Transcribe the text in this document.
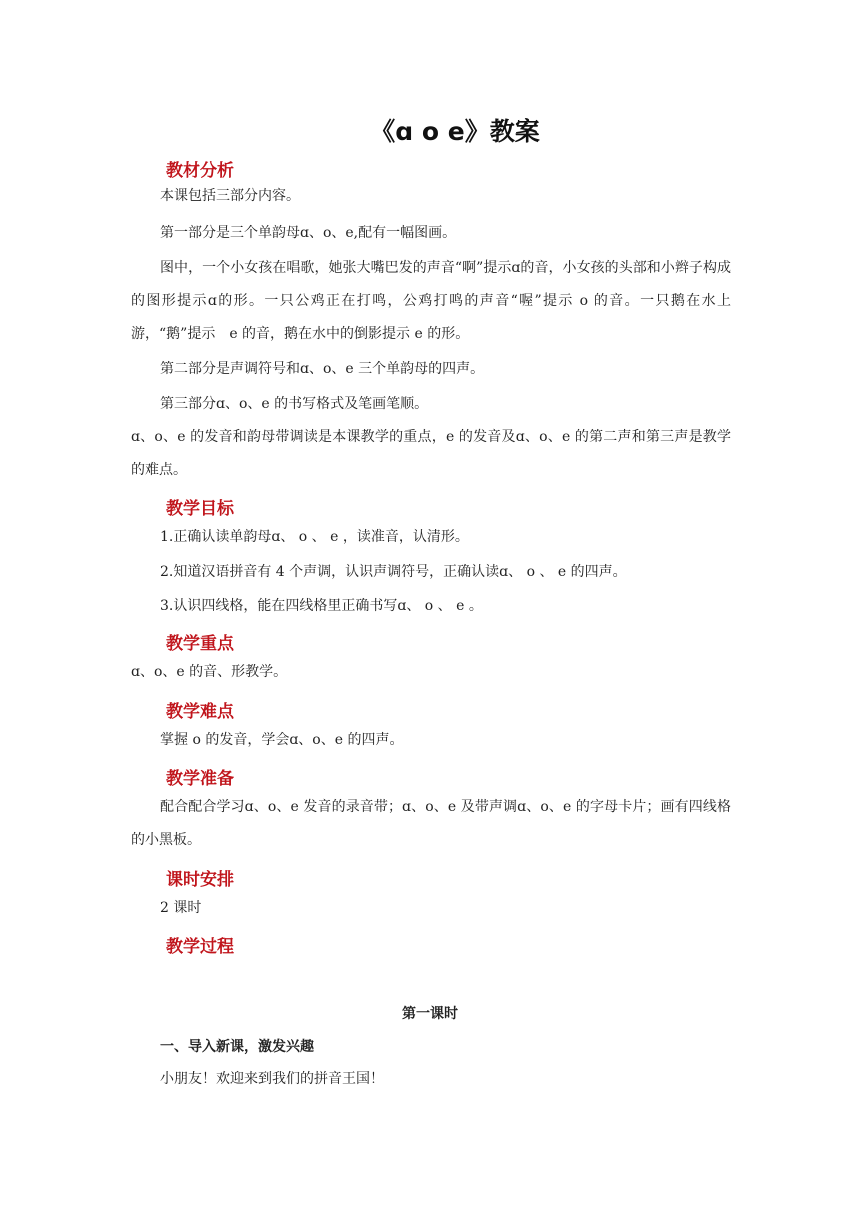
《ɑ o e》教案
教材分析
本课包括三部分内容。
第一部分是三个单韵母ɑ、o、e,配有一幅图画。
图中，一个小女孩在唱歌，她张大嘴巴发的声音“啊”提示ɑ的音，小女孩的头部和小辫子构成的图形提示ɑ的形。一只公鸡正在打鸣，公鸡打鸣的声音“喔”提示 o 的音。一只鹅在水上游，“鹅”提示　e 的音，鹅在水中的倒影提示 e 的形。
第二部分是声调符号和ɑ、o、e 三个单韵母的四声。
第三部分ɑ、o、e 的书写格式及笔画笔顺。
ɑ、o、e 的发音和韵母带调读是本课教学的重点，e 的发音及ɑ、o、e 的第二声和第三声是教学的难点。
教学目标
1.正确认读单韵母ɑ、 o 、 e ，读准音，认清形。
2.知道汉语拼音有 4 个声调，认识声调符号，正确认读ɑ、 o 、 e 的四声。
3.认识四线格，能在四线格里正确书写ɑ、 o 、 e 。
教学重点
ɑ、o、e 的音、形教学。
教学难点
掌握 o 的发音，学会ɑ、o、e 的四声。
教学准备
配合配合学习ɑ、o、e 发音的录音带；ɑ、o、e 及带声调ɑ、o、e 的字母卡片；画有四线格的小黑板。
课时安排
2 课时
教学过程
第一课时
一、导入新课，激发兴趣
小朋友！欢迎来到我们的拼音王国！
